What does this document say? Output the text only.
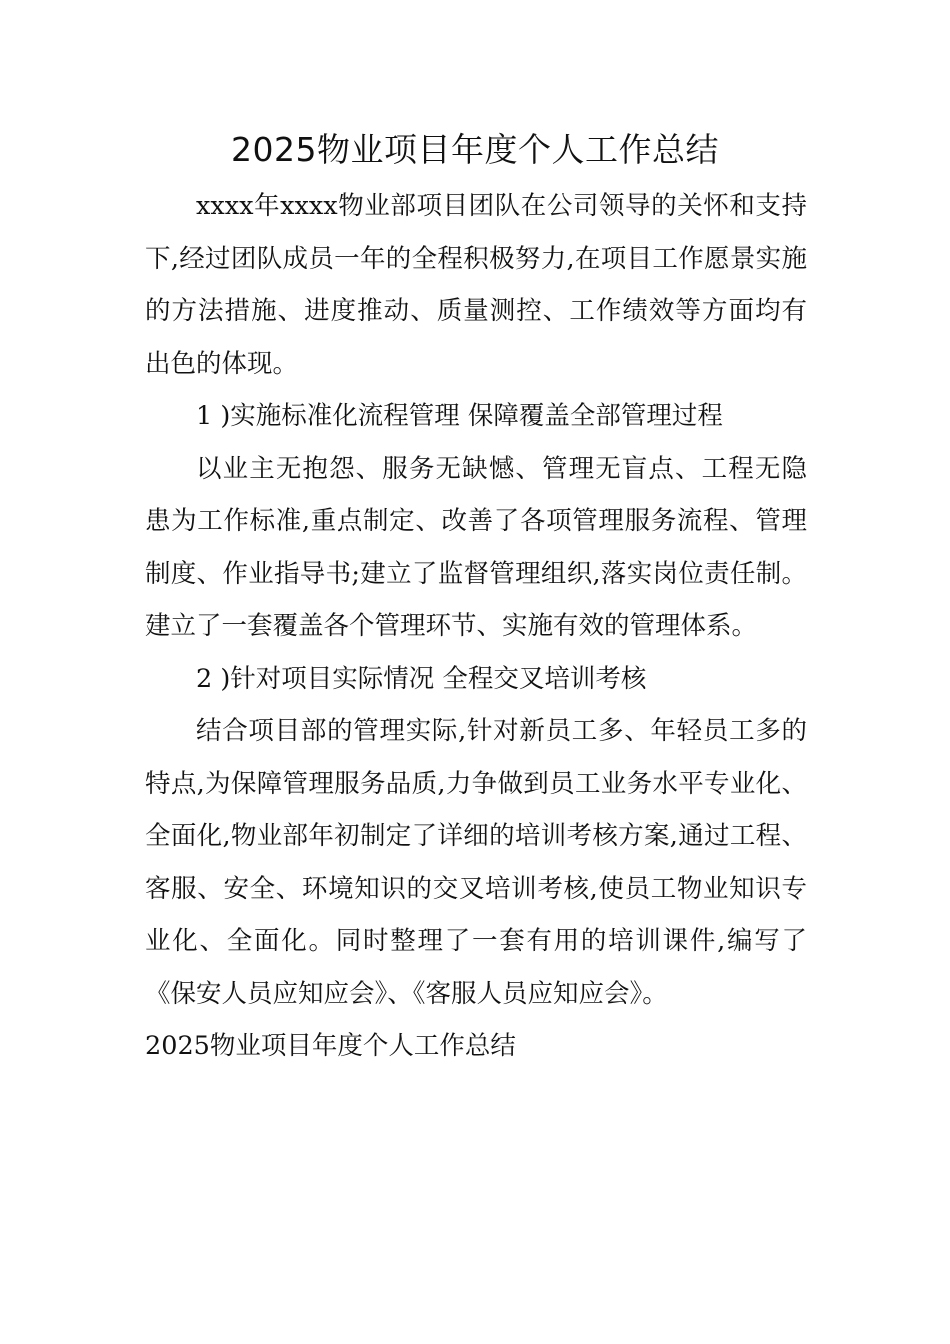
2025物业项目年度个人工作总结

xxxx年xxxx物业部项目团队在公司领导的关怀和支持下,经过团队成员一年的全程积极努力,在项目工作愿景实施的方法措施、进度推动、质量测控、工作绩效等方面均有出色的体现。

1 )实施标准化流程管理 保障覆盖全部管理过程

以业主无抱怨、服务无缺憾、管理无盲点、工程无隐患为工作标准,重点制定、改善了各项管理服务流程、管理制度、作业指导书;建立了监督管理组织,落实岗位责任制。建立了一套覆盖各个管理环节、实施有效的管理体系。

2 )针对项目实际情况 全程交叉培训考核

结合项目部的管理实际,针对新员工多、年轻员工多的特点,为保障管理服务品质,力争做到员工业务水平专业化、全面化,物业部年初制定了详细的培训考核方案,通过工程、客服、安全、环境知识的交叉培训考核,使员工物业知识专业化、全面化。同时整理了一套有用的培训课件,编写了《保安人员应知应会》、《客服人员应知应会》。

2025物业项目年度个人工作总结
